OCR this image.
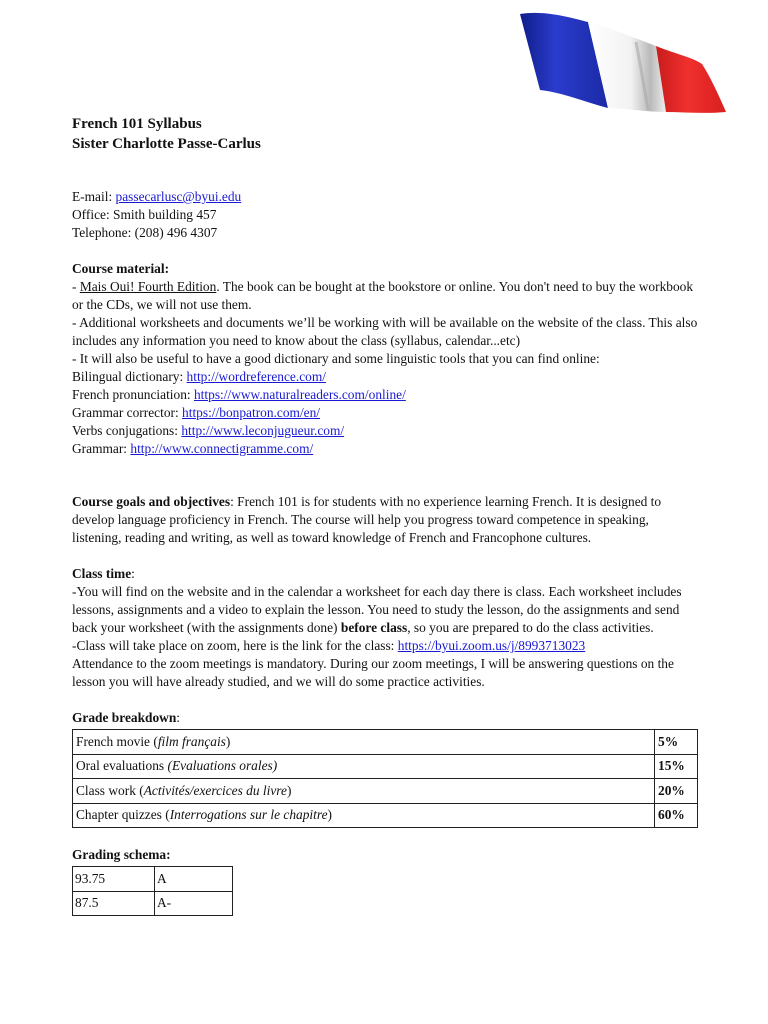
French 101 Syllabus

Sister Charlotte Passe-Carlus

E-mail: passecarlusc@byui.edu

Office: Smith building 457

Telephone: (208) 496 4307

Course material:

- Mais Oui! Fourth Edition. The book can be bought at the bookstore or online. You don't need to buy the workbook or the CDs, we will not use them.

- Additional worksheets and documents we’ll be working with will be available on the website of the class. This also includes any information you need to know about the class (syllabus, calendar...etc)

- It will also be useful to have a good dictionary and some linguistic tools that you can find online:

Bilingual dictionary: http://wordreference.com/

French pronunciation: https://www.naturalreaders.com/online/

Grammar corrector: https://bonpatron.com/en/

Verbs conjugations: http://www.leconjugueur.com/

Grammar: http://www.connectigramme.com/

Course goals and objectives: French 101 is for students with no experience learning French. It is designed to develop language proficiency in French. The course will help you progress toward competence in speaking, listening, reading and writing, as well as toward knowledge of French and Francophone cultures.

Class time:

-You will find on the website and in the calendar a worksheet for each day there is class. Each worksheet includes lessons, assignments and a video to explain the lesson. You need to study the lesson, do the assignments and send back your worksheet (with the assignments done) before class, so you are prepared to do the class activities.

-Class will take place on zoom, here is the link for the class: https://byui.zoom.us/j/8993713023

Attendance to the zoom meetings is mandatory. During our zoom meetings, I will be answering questions on the lesson you will have already studied, and we will do some practice activities.

Grade breakdown:

French movie (film français)	5%
Oral evaluations (Evaluations orales)	15%
Class work (Activités/exercices du livre)	20%
Chapter quizzes (Interrogations sur le chapitre)	60%

Grading schema:

93.75	A
87.5	A-
